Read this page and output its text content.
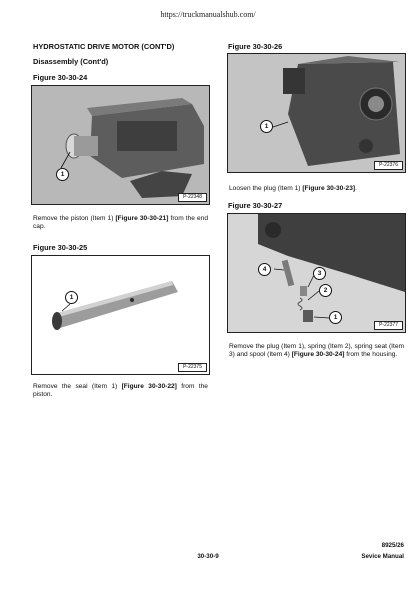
https://truckmanualshub.com/
HYDROSTATIC DRIVE MOTOR (CONT'D)
Disassembly (Cont'd)
Figure 30-30-24
1
P-22348
Remove the piston (Item 1) [Figure 30-30-21] from the end cap.
Figure 30-30-25
1
P-22375
Remove the seal (Item 1) [Figure 30-30-22] from the piston.
Figure 30-30-26
1
P-22376
Loosen the plug (Item 1) [Figure 30-30-23].
Figure 30-30-27
4
3
2
1
P-22377
Remove the plug (Item 1), spring (Item 2), spring seat (Item 3) and spool (Item 4) [Figure 30-30-24] from the housing.
30-30-9
8925/26
Sevice Manual
